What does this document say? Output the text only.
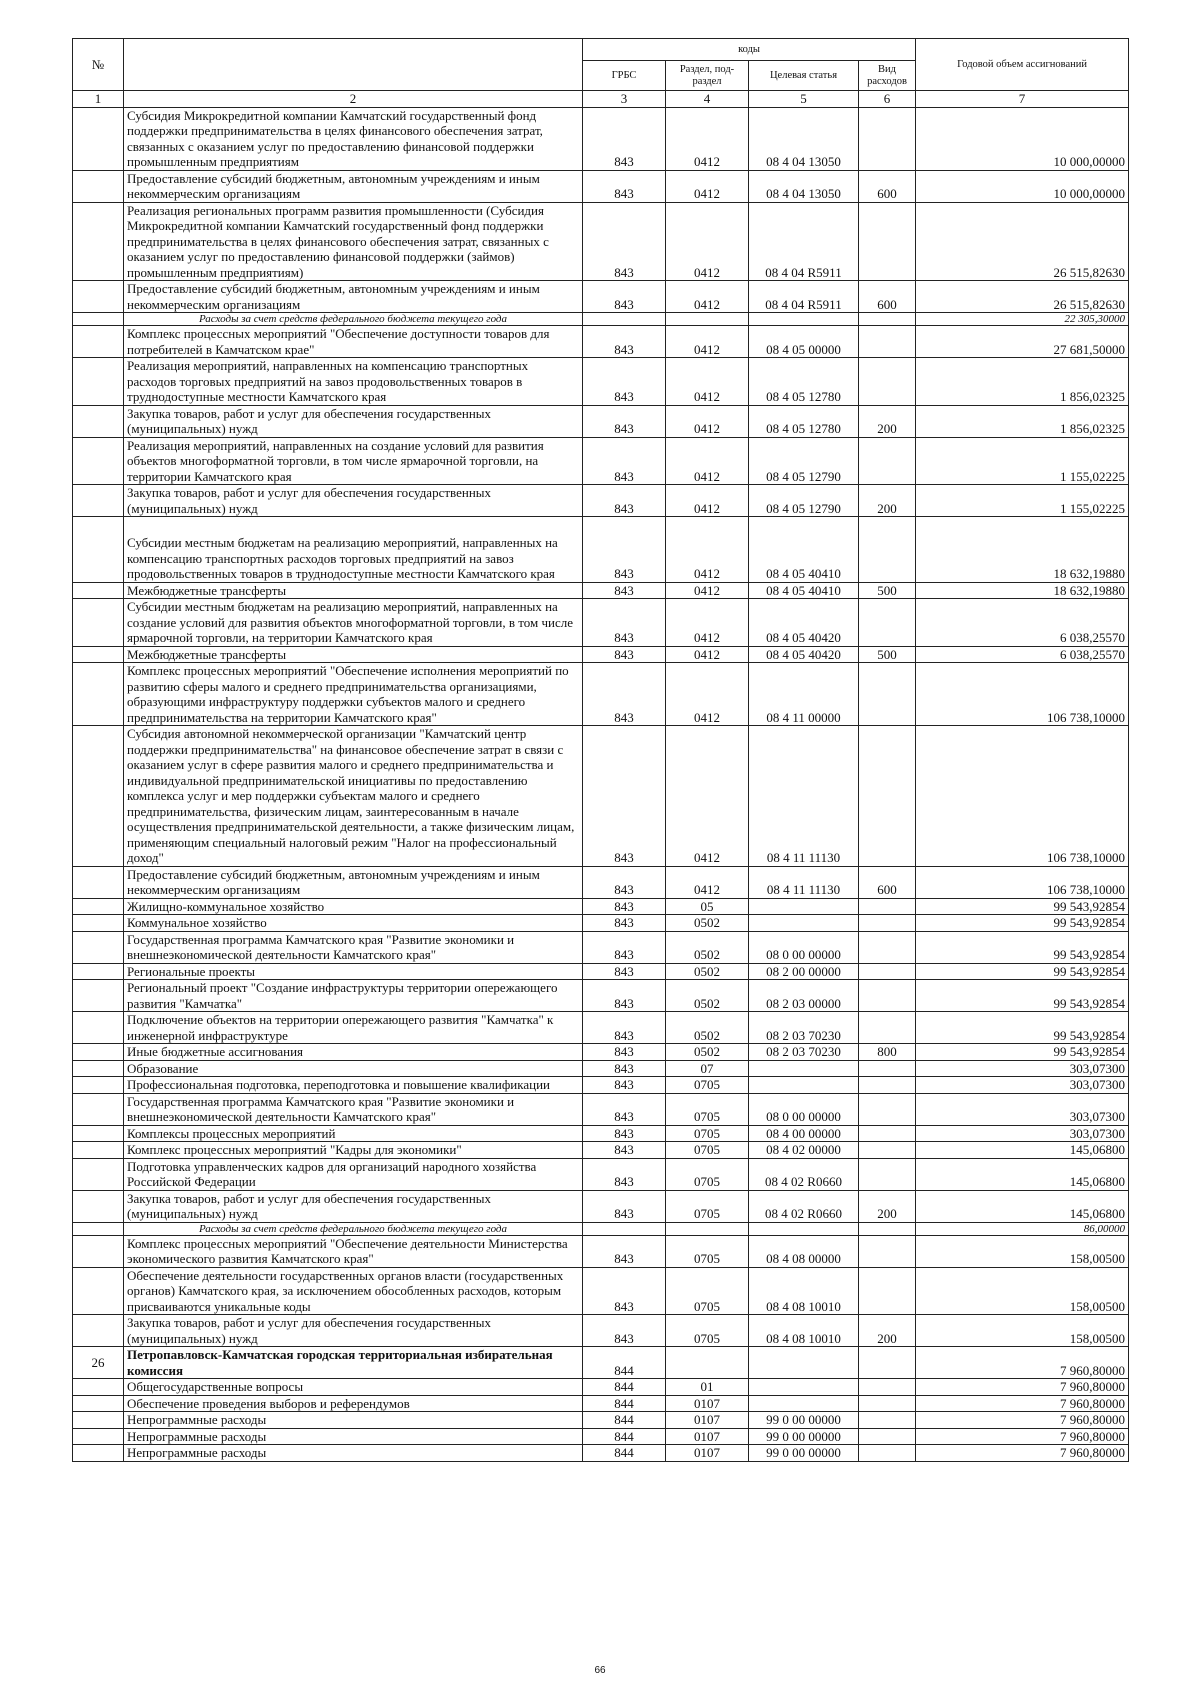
№		коды				Годовой объем ассигнований
		ГРБС	Раздел, под-раздел	Целевая статья	Вид расходов	
1	2	3	4	5	6	7
	Субсидия Микрокредитной компании Камчатский государственный фонд поддержки предпринимательства в целях финансового обеспечения затрат, связанных с оказанием услуг по предоставлению финансовой поддержки промышленным предприятиям	843	0412	08 4 04 13050		10 000,00000
	Предоставление субсидий бюджетным, автономным учреждениям и иным некоммерческим организациям	843	0412	08 4 04 13050	600	10 000,00000
	Реализация региональных программ развития промышленности (Субсидия Микрокредитной компании Камчатский государственный фонд поддержки предпринимательства в целях финансового обеспечения затрат, связанных с оказанием услуг по предоставлению финансовой поддержки (займов) промышленным предприятиям)	843	0412	08 4 04 R5911		26 515,82630
	Предоставление субсидий бюджетным, автономным учреждениям и иным некоммерческим организациям	843	0412	08 4 04 R5911	600	26 515,82630
	Расходы за счет средств федерального бюджета текущего года					22 305,30000
	Комплекс процессных мероприятий "Обеспечение доступности товаров для потребителей в Камчатском крае"	843	0412	08 4 05 00000		27 681,50000
	Реализация мероприятий, направленных на компенсацию транспортных расходов торговых предприятий на завоз продовольственных товаров в труднодоступные местности Камчатского края	843	0412	08 4 05 12780		1 856,02325
	Закупка товаров, работ и услуг для обеспечения государственных (муниципальных) нужд	843	0412	08 4 05 12780	200	1 856,02325
	Реализация мероприятий, направленных на создание условий для развития объектов многоформатной торговли, в том числе ярмарочной торговли, на территории Камчатского края	843	0412	08 4 05 12790		1 155,02225
	Закупка товаров, работ и услуг для обеспечения государственных (муниципальных) нужд	843	0412	08 4 05 12790	200	1 155,02225
	Субсидии местным бюджетам на реализацию мероприятий, направленных на компенсацию транспортных расходов торговых предприятий на завоз продовольственных товаров в труднодоступные местности Камчатского края	843	0412	08 4 05 40410		18 632,19880
	Межбюджетные трансферты	843	0412	08 4 05 40410	500	18 632,19880
	Субсидии местным бюджетам на реализацию мероприятий, направленных на создание условий для развития объектов многоформатной торговли, в том числе ярмарочной торговли, на территории Камчатского края	843	0412	08 4 05 40420		6 038,25570
	Межбюджетные трансферты	843	0412	08 4 05 40420	500	6 038,25570
	Комплекс процессных мероприятий "Обеспечение исполнения мероприятий по развитию сферы малого и среднего предпринимательства организациями, образующими инфраструктуру поддержки субъектов малого и среднего предпринимательства на территории Камчатского края"	843	0412	08 4 11 00000		106 738,10000
	Субсидия автономной некоммерческой организации "Камчатский центр поддержки предпринимательства" на финансовое обеспечение затрат в связи с оказанием услуг в сфере развития малого и среднего предпринимательства и индивидуальной предпринимательской инициативы по предоставлению комплекса услуг и мер поддержки субъектам малого и среднего предпринимательства, физическим лицам, заинтересованным в начале осуществления предпринимательской деятельности, а также физическим лицам, применяющим специальный налоговый режим "Налог на профессиональный доход"	843	0412	08 4 11 11130		106 738,10000
	Предоставление субсидий бюджетным, автономным учреждениям и иным некоммерческим организациям	843	0412	08 4 11 11130	600	106 738,10000
	Жилищно-коммунальное хозяйство	843	05			99 543,92854
	Коммунальное хозяйство	843	0502			99 543,92854
	Государственная программа Камчатского края "Развитие экономики и внешнеэкономической деятельности Камчатского края"	843	0502	08 0 00 00000		99 543,92854
	Региональные проекты	843	0502	08 2 00 00000		99 543,92854
	Региональный проект "Создание инфраструктуры территории опережающего развития "Камчатка"	843	0502	08 2 03 00000		99 543,92854
	Подключение объектов на территории опережающего развития "Камчатка" к инженерной инфраструктуре	843	0502	08 2 03 70230		99 543,92854
	Иные бюджетные ассигнования	843	0502	08 2 03 70230	800	99 543,92854
	Образование	843	07			303,07300
	Профессиональная подготовка, переподготовка и повышение квалификации	843	0705			303,07300
	Государственная программа Камчатского края "Развитие экономики и внешнеэкономической деятельности Камчатского края"	843	0705	08 0 00 00000		303,07300
	Комплексы процессных мероприятий	843	0705	08 4 00 00000		303,07300
	Комплекс процессных мероприятий "Кадры для экономики"	843	0705	08 4 02 00000		145,06800
	Подготовка управленческих кадров для организаций народного хозяйства Российской Федерации	843	0705	08 4 02 R0660		145,06800
	Закупка товаров, работ и услуг для обеспечения государственных (муниципальных) нужд	843	0705	08 4 02 R0660	200	145,06800
	Расходы за счет средств федерального бюджета текущего года					86,00000
	Комплекс процессных мероприятий "Обеспечение деятельности Министерства экономического развития Камчатского края"	843	0705	08 4 08 00000		158,00500
	Обеспечение деятельности государственных органов власти (государственных органов) Камчатского края, за исключением обособленных расходов, которым присваиваются уникальные коды	843	0705	08 4 08 10010		158,00500
	Закупка товаров, работ и услуг для обеспечения государственных (муниципальных) нужд	843	0705	08 4 08 10010	200	158,00500
26	Петропавловск-Камчатская городская территориальная избирательная комиссия	844				7 960,80000
	Общегосударственные вопросы	844	01			7 960,80000
	Обеспечение проведения выборов и референдумов	844	0107			7 960,80000
	Непрограммные расходы	844	0107	99 0 00 00000		7 960,80000
	Непрограммные расходы	844	0107	99 0 00 00000		7 960,80000
	Непрограммные расходы	844	0107	99 0 00 00000		7 960,80000
66
